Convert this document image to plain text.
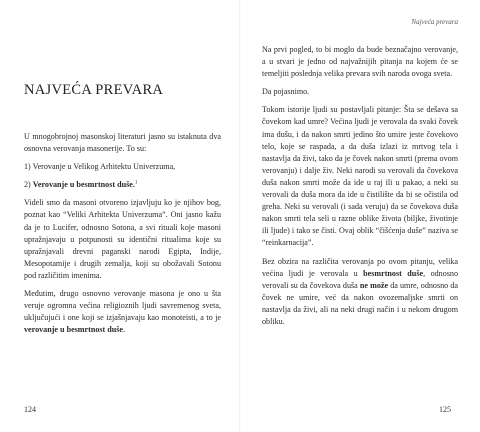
NAJVEĆA PREVARA

U mnogobrojnoj masonskoj literaturi jasno su istaknuta dva osnovna verovanja masonerije. To su:

1) Verovanje u Velikog Arhitektu Univerzuma,

2) Verovanje u besmrtnost duše.$^1$

Videli smo da masoni otvoreno izjavljuju ko je njihov bog, poznat kao “Veliki Arhitekta Univerzuma”. Oni jasno kažu da je to Lucifer, odnosno Sotona, a svi rituali koje masoni upražnjavaju u potpunosti su identični ritualima koje su upražnjavali drevni paganski narodi Egipta, Indije, Mesopotamije i drugih zemalja, koji su obožavali Sotonu pod različitim imenima.

Međutim, drugo osnovno verovanje masona je ono u šta veruje ogromna većina religioznih ljudi savremenog sveta, uključujući i one koji se izjašnjavaju kao monoteisti, a to je verovanje u besmrtnost duše.

124
Najveća prevara

Na prvi pogled, to bi moglo da bude beznačajno verovanje, a u stvari je jedno od najvažnijih pitanja na kojem će se temeljiti poslednja velika prevara svih naroda ovoga sveta.

Da pojasnimo.

Tokom istorije ljudi su postavljali pitanje: Šta se dešava sa čovekom kad umre? Većina ljudi je verovala da svaki čovek ima dušu, i da nakon smrti jedino što umire jeste čovekovo telo, koje se raspada, a da duša izlazi iz mrtvog tela i nastavlja da živi, tako da je čovek nakon smrti (prema ovom verovanju) i dalje živ. Neki narodi su verovali da čovekova duša nakon smrti može da ide u raj ili u pakao, a neki su verovali da duša mora da ide u čistilište da bi se očistila od greha. Neki su verovali (i sada veruju) da se čovekova duša nakon smrti tela seli u razne oblike života (biljke, životinje ili ljude) i tako se čisti. Ovaj oblik “čišćenja duše” naziva se “reinkarnacija”.

Bez obzira na različita verovanja po ovom pitanju, velika većina ljudi je verovala u besmrtnost duše, odnosno verovali su da čovekova duša ne može da umre, odnosno da čovek ne umire, već da nakon ovozemaljske smrti on nastavlja da živi, ali na neki drugi način i u nekom drugom obliku.

125
